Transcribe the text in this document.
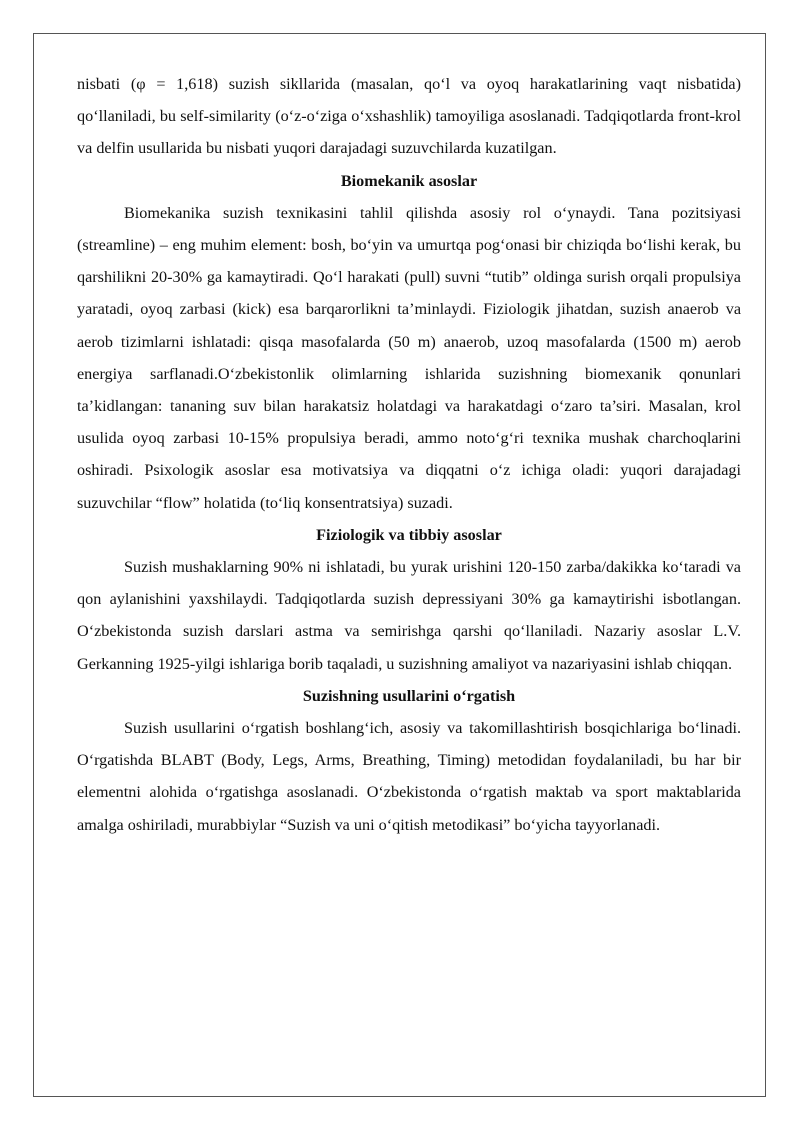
nisbati (φ = 1,618) suzish sikllarida (masalan, qo‘l va oyoq harakatlarining vaqt nisbatida) qo‘llaniladi, bu self-similarity (o‘z-o‘ziga o‘xshashlik) tamoyiliga asoslanadi. Tadqiqotlarda front-krol va delfin usullarida bu nisbati yuqori darajadagi suzuvchilarda kuzatilgan.

Biomekanik asoslar

Biomekanika suzish texnikasini tahlil qilishda asosiy rol o‘ynaydi. Tana pozitsiyasi (streamline) – eng muhim element: bosh, bo‘yin va umurtqa pog‘onasi bir chiziqda bo‘lishi kerak, bu qarshilikni 20-30% ga kamaytiradi. Qo‘l harakati (pull) suvni “tutib” oldinga surish orqali propulsiya yaratadi, oyoq zarbasi (kick) esa barqarorlikni ta’minlaydi. Fiziologik jihatdan, suzish anaerob va aerob tizimlarni ishlatadi: qisqa masofalarda (50 m) anaerob, uzoq masofalarda (1500 m) aerob energiya sarflanadi.O‘zbekistonlik olimlarning ishlarida suzishning biomexanik qonunlari ta’kidlangan: tananing suv bilan harakatsiz holatdagi va harakatdagi o‘zaro ta’siri. Masalan, krol usulida oyoq zarbasi 10-15% propulsiya beradi, ammo noto‘g‘ri texnika mushak charchoqlarini oshiradi. Psixologik asoslar esa motivatsiya va diqqatni o‘z ichiga oladi: yuqori darajadagi suzuvchilar “flow” holatida (to‘liq konsentratsiya) suzadi.

Fiziologik va tibbiy asoslar

Suzish mushaklarning 90% ni ishlatadi, bu yurak urishini 120-150 zarba/dakikka ko‘taradi va qon aylanishini yaxshilaydi. Tadqiqotlarda suzish depressiyani 30% ga kamaytirishi isbotlangan. O‘zbekistonda suzish darslari astma va semirishga qarshi qo‘llaniladi. Nazariy asoslar L.V. Gerkanning 1925-yilgi ishlariga borib taqaladi, u suzishning amaliyot va nazariyasini ishlab chiqqan.

Suzishning usullarini o‘rgatish

Suzish usullarini o‘rgatish boshlang‘ich, asosiy va takomillashtirish bosqichlariga bo‘linadi. O‘rgatishda BLABT (Body, Legs, Arms, Breathing, Timing) metodidan foydalaniladi, bu har bir elementni alohida o‘rgatishga asoslanadi. O‘zbekistonda o‘rgatish maktab va sport maktablarida amalga oshiriladi, murabbiylar “Suzish va uni o‘qitish metodikasi” bo‘yicha tayyorlanadi.
